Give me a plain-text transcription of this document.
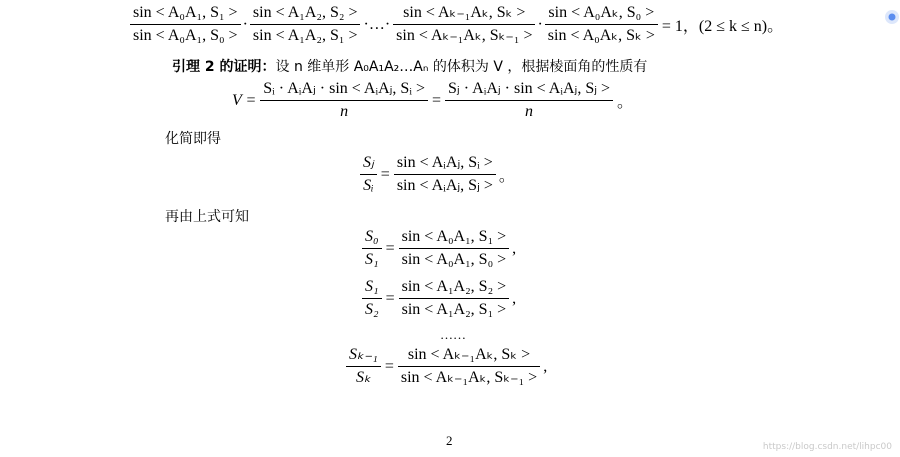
$\frac{\text{sin < A₀A₁, S₁ >}}{\text{sin < A₀A₁, S₀ >}} \cdot \frac{\text{sin < A₁A₂, S₂ >}}{\text{sin < A₁A₂, S₁ >}}$ ·…· $\frac{\text{sin < Aₖ₋₁Aₖ, Sₖ >}}{\text{sin < Aₖ₋₁Aₖ, Sₖ₋₁ >}} \cdot \frac{\text{sin < A₀Aₖ, S₀ >}}{\text{sin < A₀Aₖ, Sₖ >}} = 1$，(2 ≤ k ≤ n)。
引理 2 的证明： 设 n 维单形 A₀A₁A₂…Aₙ 的体积为 V ，根据棱面角的性质有
$V = \frac{\text{Sᵢ · AᵢAⱼ · sin < AᵢAⱼ, Sᵢ >}}{n} = \frac{\text{Sⱼ · AᵢAⱼ · sin < AᵢAⱼ, Sⱼ >}}{n}$ 。
化简即得
$\frac{\text{Sⱼ}}{\text{Sᵢ}} = \frac{\text{sin < AᵢAⱼ, Sᵢ >}}{\text{sin < AᵢAⱼ, Sⱼ >}}$ 。
再由上式可知
$\frac{\text{S₀}}{\text{S₁}} = \frac{\text{sin < A₀A₁, S₁ >}}{\text{sin < A₀A₁, S₀ >}}$ ,
$\frac{\text{S₁}}{\text{S₂}} = \frac{\text{sin < A₁A₂, S₂ >}}{\text{sin < A₁A₂, S₁ >}}$ ,
……
$\frac{\text{Sₖ₋₁}}{\text{Sₖ}} = \frac{\text{sin < Aₖ₋₁Aₖ, Sₖ >}}{\text{sin < Aₖ₋₁Aₖ, Sₖ₋₁ >}}$ ,
2	https://blog.csdn.net/lihpc00
